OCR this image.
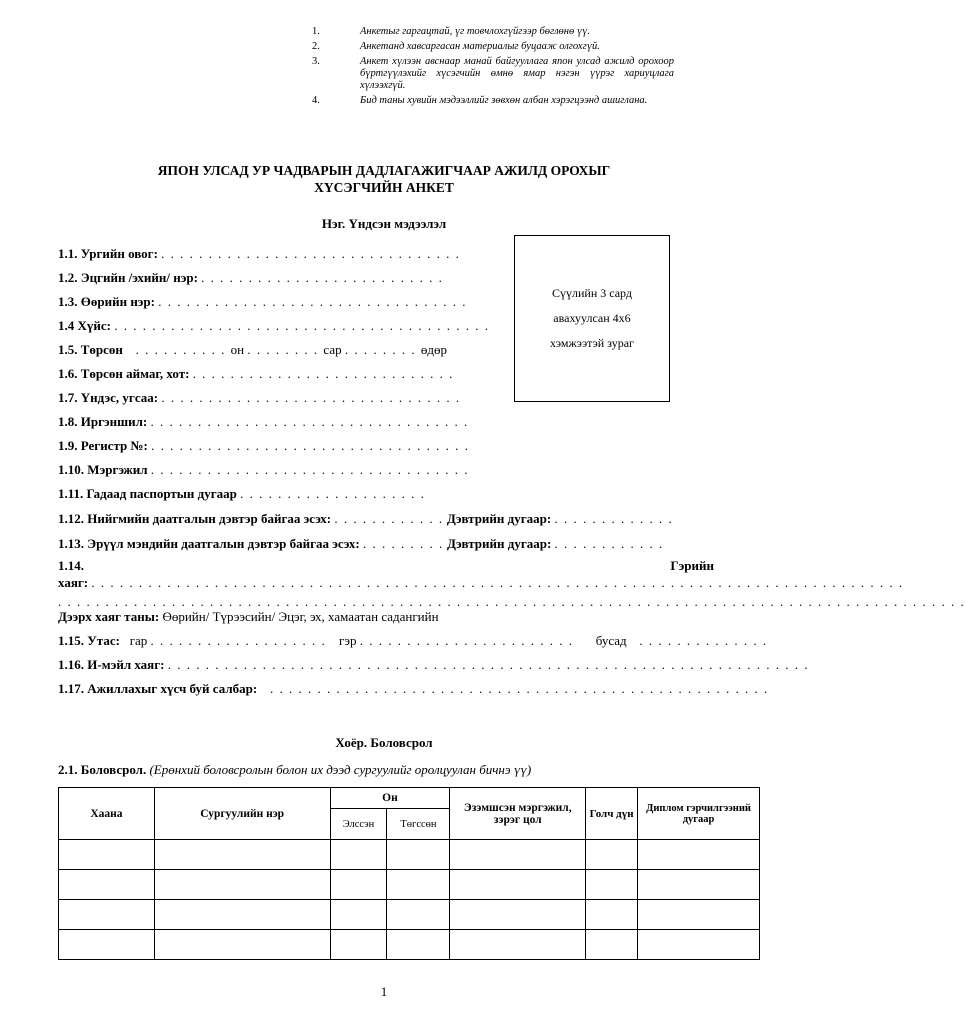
1.	Анкетыг гаргацтай, үг товчлохгүйгээр бөглөнө үү.
2.	Анкетанд хавсаргасан материалыг буцааж олгохгүй.
3.	Анкет хүлээн авснаар манай байгууллага япон улсад ажилд орохоор бүртгүүлэхийг хүсэгчийн өмнө ямар нэгэн үүрэг хариуцлага хүлээхгүй.
4.	Бид таны хувийн мэдээллийг зөвхөн албан хэрэгцээнд ашиглана.
ЯПОН УЛСАД УР ЧАДВАРЫН ДАДЛАГАЖИГЧААР АЖИЛД ОРОХЫГ
ХҮСЭГЧИЙН АНКЕТ
Нэг. Үндсэн мэдээлэл
Сүүлийн 3 сард
авахуулсан 4х6
хэмжээтэй зураг
1.1. Ургийн овог: . . . . . . . . . . . . . . . . . . . . . . . . . . . . . . . .
1.2. Эцгийн /эхийн/ нэр: . . . . . . . . . . . . . . . . . . . . . . . . . .
1.3. Өөрийн нэр: . . . . . . . . . . . . . . . . . . . . . . . . . . . . . . . . .
1.4 Хүйс: . . . . . . . . . . . . . . . . . . . . . . . . . . . . . . . . . . . . . . . .
1.5. Төрсөн   . . . . . . . . . . он . . . . . . . . сар . . . . . . . . өдөр
1.6. Төрсөн аймаг, хот: . . . . . . . . . . . . . . . . . . . . . . . . . . . .
1.7. Үндэс, угсаа: . . . . . . . . . . . . . . . . . . . . . . . . . . . . . . . .
1.8. Иргэншил: . . . . . . . . . . . . . . . . . . . . . . . . . . . . . . . . . .
1.9. Регистр №: . . . . . . . . . . . . . . . . . . . . . . . . . . . . . . . . . .
1.10. Мэргэжил . . . . . . . . . . . . . . . . . . . . . . . . . . . . . . . . . .
1.11. Гадаад паспортын дугаар . . . . . . . . . . . . . . . . . . . .
1.12. Нийгмийн даатгалын дэвтэр байгаа эсэх: . . . . . . . . . . . . Дэвтрийн дугаар: . . . . . . . . . . . . .
1.13. Эрүүл мэндийн даатгалын дэвтэр байгаа эсэх: . . . . . . . . . Дэвтрийн дугаар: . . . . . . . . . . . .
1.14.	Гэрийн
хаяг: . . . . . . . . . . . . . . . . . . . . . . . . . . . . . . . . . . . . . . . . . . . . . . . . . . . . . . . . . . . . . . . . . . . . . . . . . . . . . . . . . . . . . .
. . . . . . . . . . . . . . . . . . . . . . . . . . . . . . . . . . . . . . . . . . . . . . . . . . . . . . . . . . . . . . . . . . . . . . . . . . . . . . . . . . . . . . . . . . . . . . . .
Дээрх хаяг таны: Өөрийн/ Түрээсийн/ Эцэг, эх, хамаатан садангийн
1.15. Утас: гар . . . . . . . . . . . . . . . . . . .   гэр . . . . . . . . . . . . . . . . . . . . . . .     бусад   . . . . . . . . . . . . . .
1.16. И-мэйл хаяг: . . . . . . . . . . . . . . . . . . . . . . . . . . . . . . . . . . . . . . . . . . . . . . . . . . . . . . . . . . . . . . . . . . . .
1.17. Ажиллахыг хүсч буй салбар:   . . . . . . . . . . . . . . . . . . . . . . . . . . . . . . . . . . . . . . . . . . . . . . . . . . . . .
Хоёр. Боловсрол
2.1. Боловсрол. (Ерөнхий боловсролын болон их дээд сургуулийг оролцуулан бичнэ үү)
Хаана	Сургуулийн нэр	Он		Эзэмшсэн мэргэжил, зэрэг цол	Голч дүн	Диплом гэрчилгээний дугаар
		Элссэн	Төгссөн			

1
